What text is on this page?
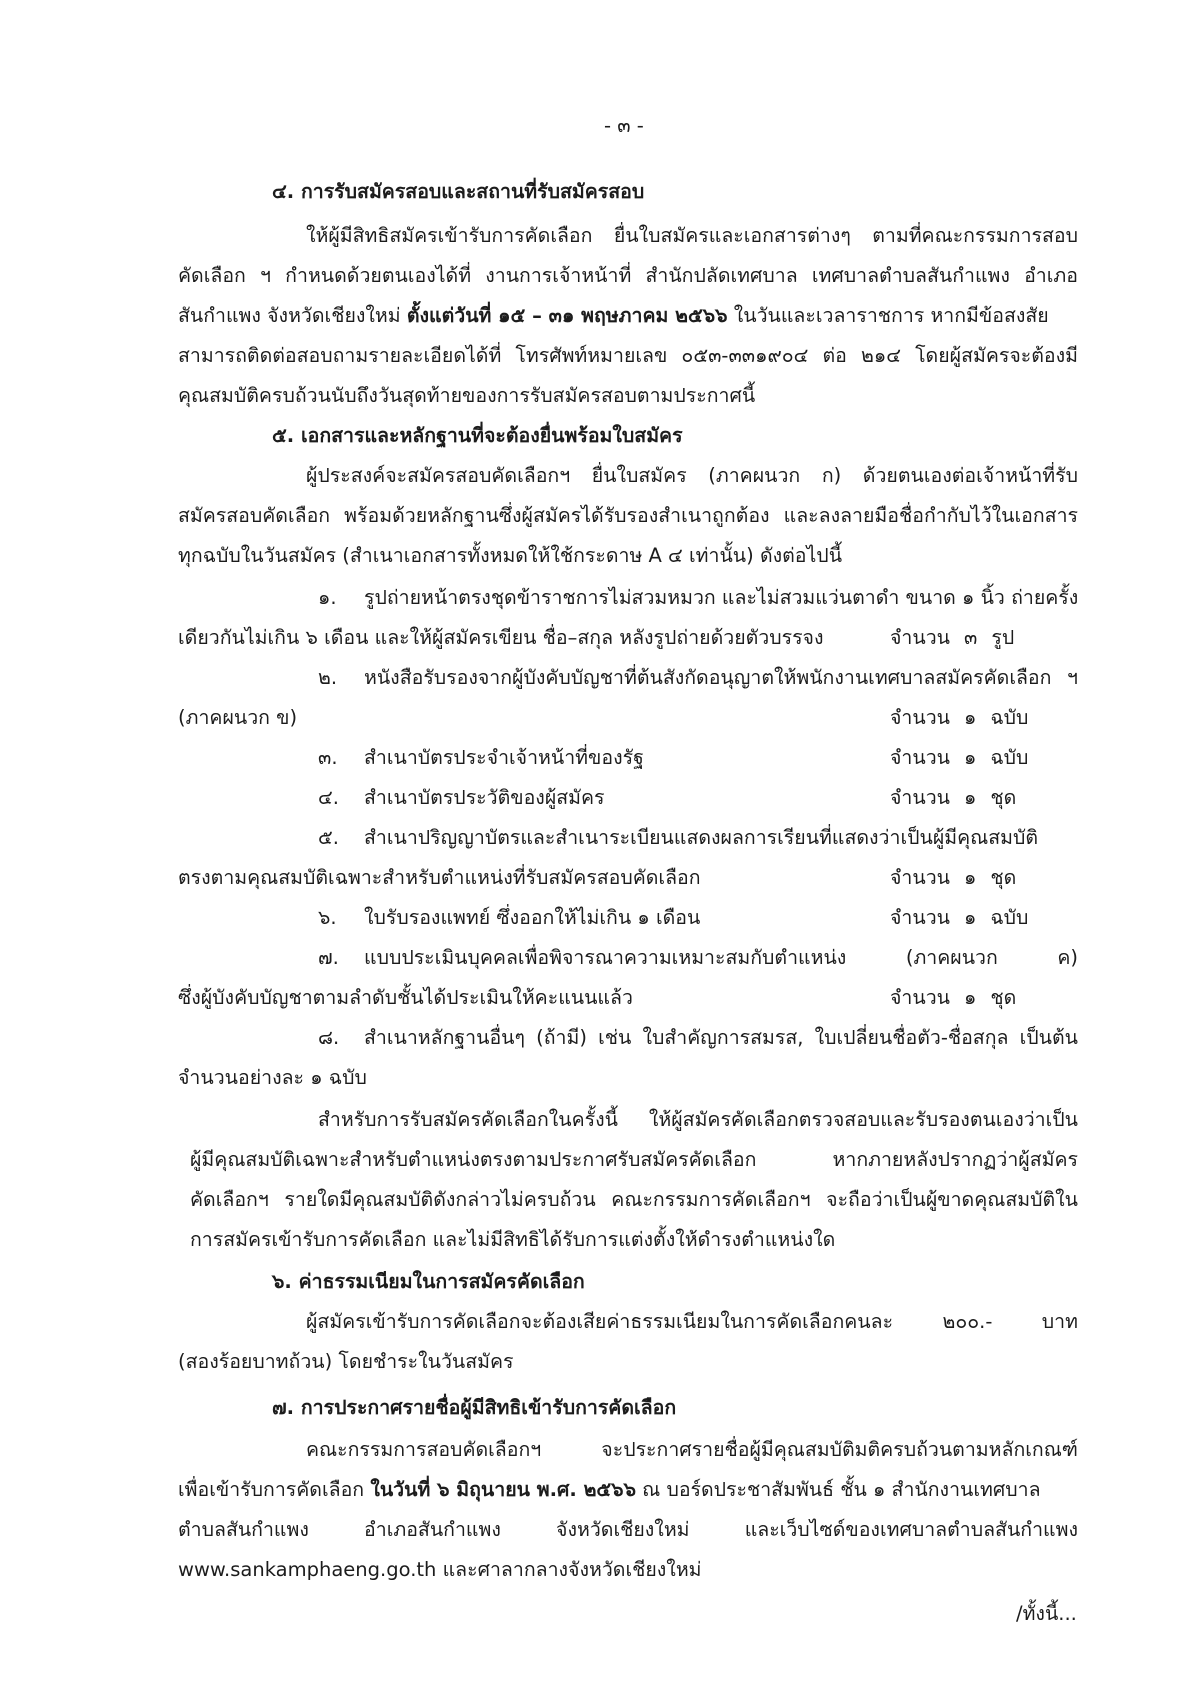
- ๓ -
๔. การรับสมัครสอบและสถานที่รับสมัครสอบ
ให้ผู้มีสิทธิสมัครเข้ารับการคัดเลือก ยื่นใบสมัครและเอกสารต่างๆ ตามที่คณะกรรมการสอบ
คัดเลือก ฯ กำหนดด้วยตนเองได้ที่ งานการเจ้าหน้าที่ สำนักปลัดเทศบาล เทศบาลตำบลสันกำแพง อำเภอ
สันกำแพง จังหวัดเชียงใหม่ ตั้งแต่วันที่ ๑๕ – ๓๑ พฤษภาคม ๒๕๖๖ ในวันและเวลาราชการ หากมีข้อสงสัย
สามารถติดต่อสอบถามรายละเอียดได้ที่ โทรศัพท์หมายเลข ๐๕๓-๓๓๑๙๐๔ ต่อ ๒๑๔ โดยผู้สมัครจะต้องมี
คุณสมบัติครบถ้วนนับถึงวันสุดท้ายของการรับสมัครสอบตามประกาศนี้
๕. เอกสารและหลักฐานที่จะต้องยื่นพร้อมใบสมัคร
ผู้ประสงค์จะสมัครสอบคัดเลือกฯ ยื่นใบสมัคร (ภาคผนวก ก) ด้วยตนเองต่อเจ้าหน้าที่รับ
สมัครสอบคัดเลือก พร้อมด้วยหลักฐานซึ่งผู้สมัครได้รับรองสำเนาถูกต้อง และลงลายมือชื่อกำกับไว้ในเอกสาร
ทุกฉบับในวันสมัคร (สำเนาเอกสารทั้งหมดให้ใช้กระดาษ A ๔ เท่านั้น) ดังต่อไปนี้
๑. รูปถ่ายหน้าตรงชุดข้าราชการไม่สวมหมวก และไม่สวมแว่นตาดำ ขนาด ๑ นิ้ว ถ่ายครั้ง
เดียวกันไม่เกิน ๖ เดือน และให้ผู้สมัครเขียน ชื่อ–สกุล หลังรูปถ่ายด้วยตัวบรรจง	จำนวน ๓ รูป
๒. หนังสือรับรองจากผู้บังคับบัญชาที่ต้นสังกัดอนุญาตให้พนักงานเทศบาลสมัครคัดเลือก ฯ
(ภาคผนวก ข)	จำนวน ๑ ฉบับ
๓. สำเนาบัตรประจำเจ้าหน้าที่ของรัฐ	จำนวน ๑ ฉบับ
๔. สำเนาบัตรประวัติของผู้สมัคร	จำนวน ๑ ชุด
๕. สำเนาปริญญาบัตรและสำเนาระเบียนแสดงผลการเรียนที่แสดงว่าเป็นผู้มีคุณสมบัติ
ตรงตามคุณสมบัติเฉพาะสำหรับตำแหน่งที่รับสมัครสอบคัดเลือก	จำนวน ๑ ชุด
๖. ใบรับรองแพทย์ ซึ่งออกให้ไม่เกิน ๑ เดือน	จำนวน ๑ ฉบับ
๗. แบบประเมินบุคคลเพื่อพิจารณาความเหมาะสมกับตำแหน่ง (ภาคผนวก ค)
ซึ่งผู้บังคับบัญชาตามลำดับชั้นได้ประเมินให้คะแนนแล้ว	จำนวน ๑ ชุด
๘. สำเนาหลักฐานอื่นๆ (ถ้ามี) เช่น ใบสำคัญการสมรส, ใบเปลี่ยนชื่อตัว-ชื่อสกุล เป็นต้น
จำนวนอย่างละ ๑ ฉบับ
สำหรับการรับสมัครคัดเลือกในครั้งนี้ ให้ผู้สมัครคัดเลือกตรวจสอบและรับรองตนเองว่าเป็น
ผู้มีคุณสมบัติเฉพาะสำหรับตำแหน่งตรงตามประกาศรับสมัครคัดเลือก หากภายหลังปรากฏว่าผู้สมัคร
คัดเลือกฯ รายใดมีคุณสมบัติดังกล่าวไม่ครบถ้วน คณะกรรมการคัดเลือกฯ จะถือว่าเป็นผู้ขาดคุณสมบัติใน
การสมัครเข้ารับการคัดเลือก และไม่มีสิทธิได้รับการแต่งตั้งให้ดำรงตำแหน่งใด
๖. ค่าธรรมเนียมในการสมัครคัดเลือก
ผู้สมัครเข้ารับการคัดเลือกจะต้องเสียค่าธรรมเนียมในการคัดเลือกคนละ ๒๐๐.- บาท
(สองร้อยบาทถ้วน) โดยชำระในวันสมัคร
๗. การประกาศรายชื่อผู้มีสิทธิเข้ารับการคัดเลือก
คณะกรรมการสอบคัดเลือกฯ จะประกาศรายชื่อผู้มีคุณสมบัติมติครบถ้วนตามหลักเกณฑ์
เพื่อเข้ารับการคัดเลือก ในวันที่ ๖ มิถุนายน พ.ศ. ๒๕๖๖ ณ บอร์ดประชาสัมพันธ์ ชั้น ๑ สำนักงานเทศบาล
ตำบลสันกำแพง อำเภอสันกำแพง จังหวัดเชียงใหม่ และเว็บไซด์ของเทศบาลตำบลสันกำแพง
www.sankamphaeng.go.th และศาลากลางจังหวัดเชียงใหม่
/ทั้งนี้...
